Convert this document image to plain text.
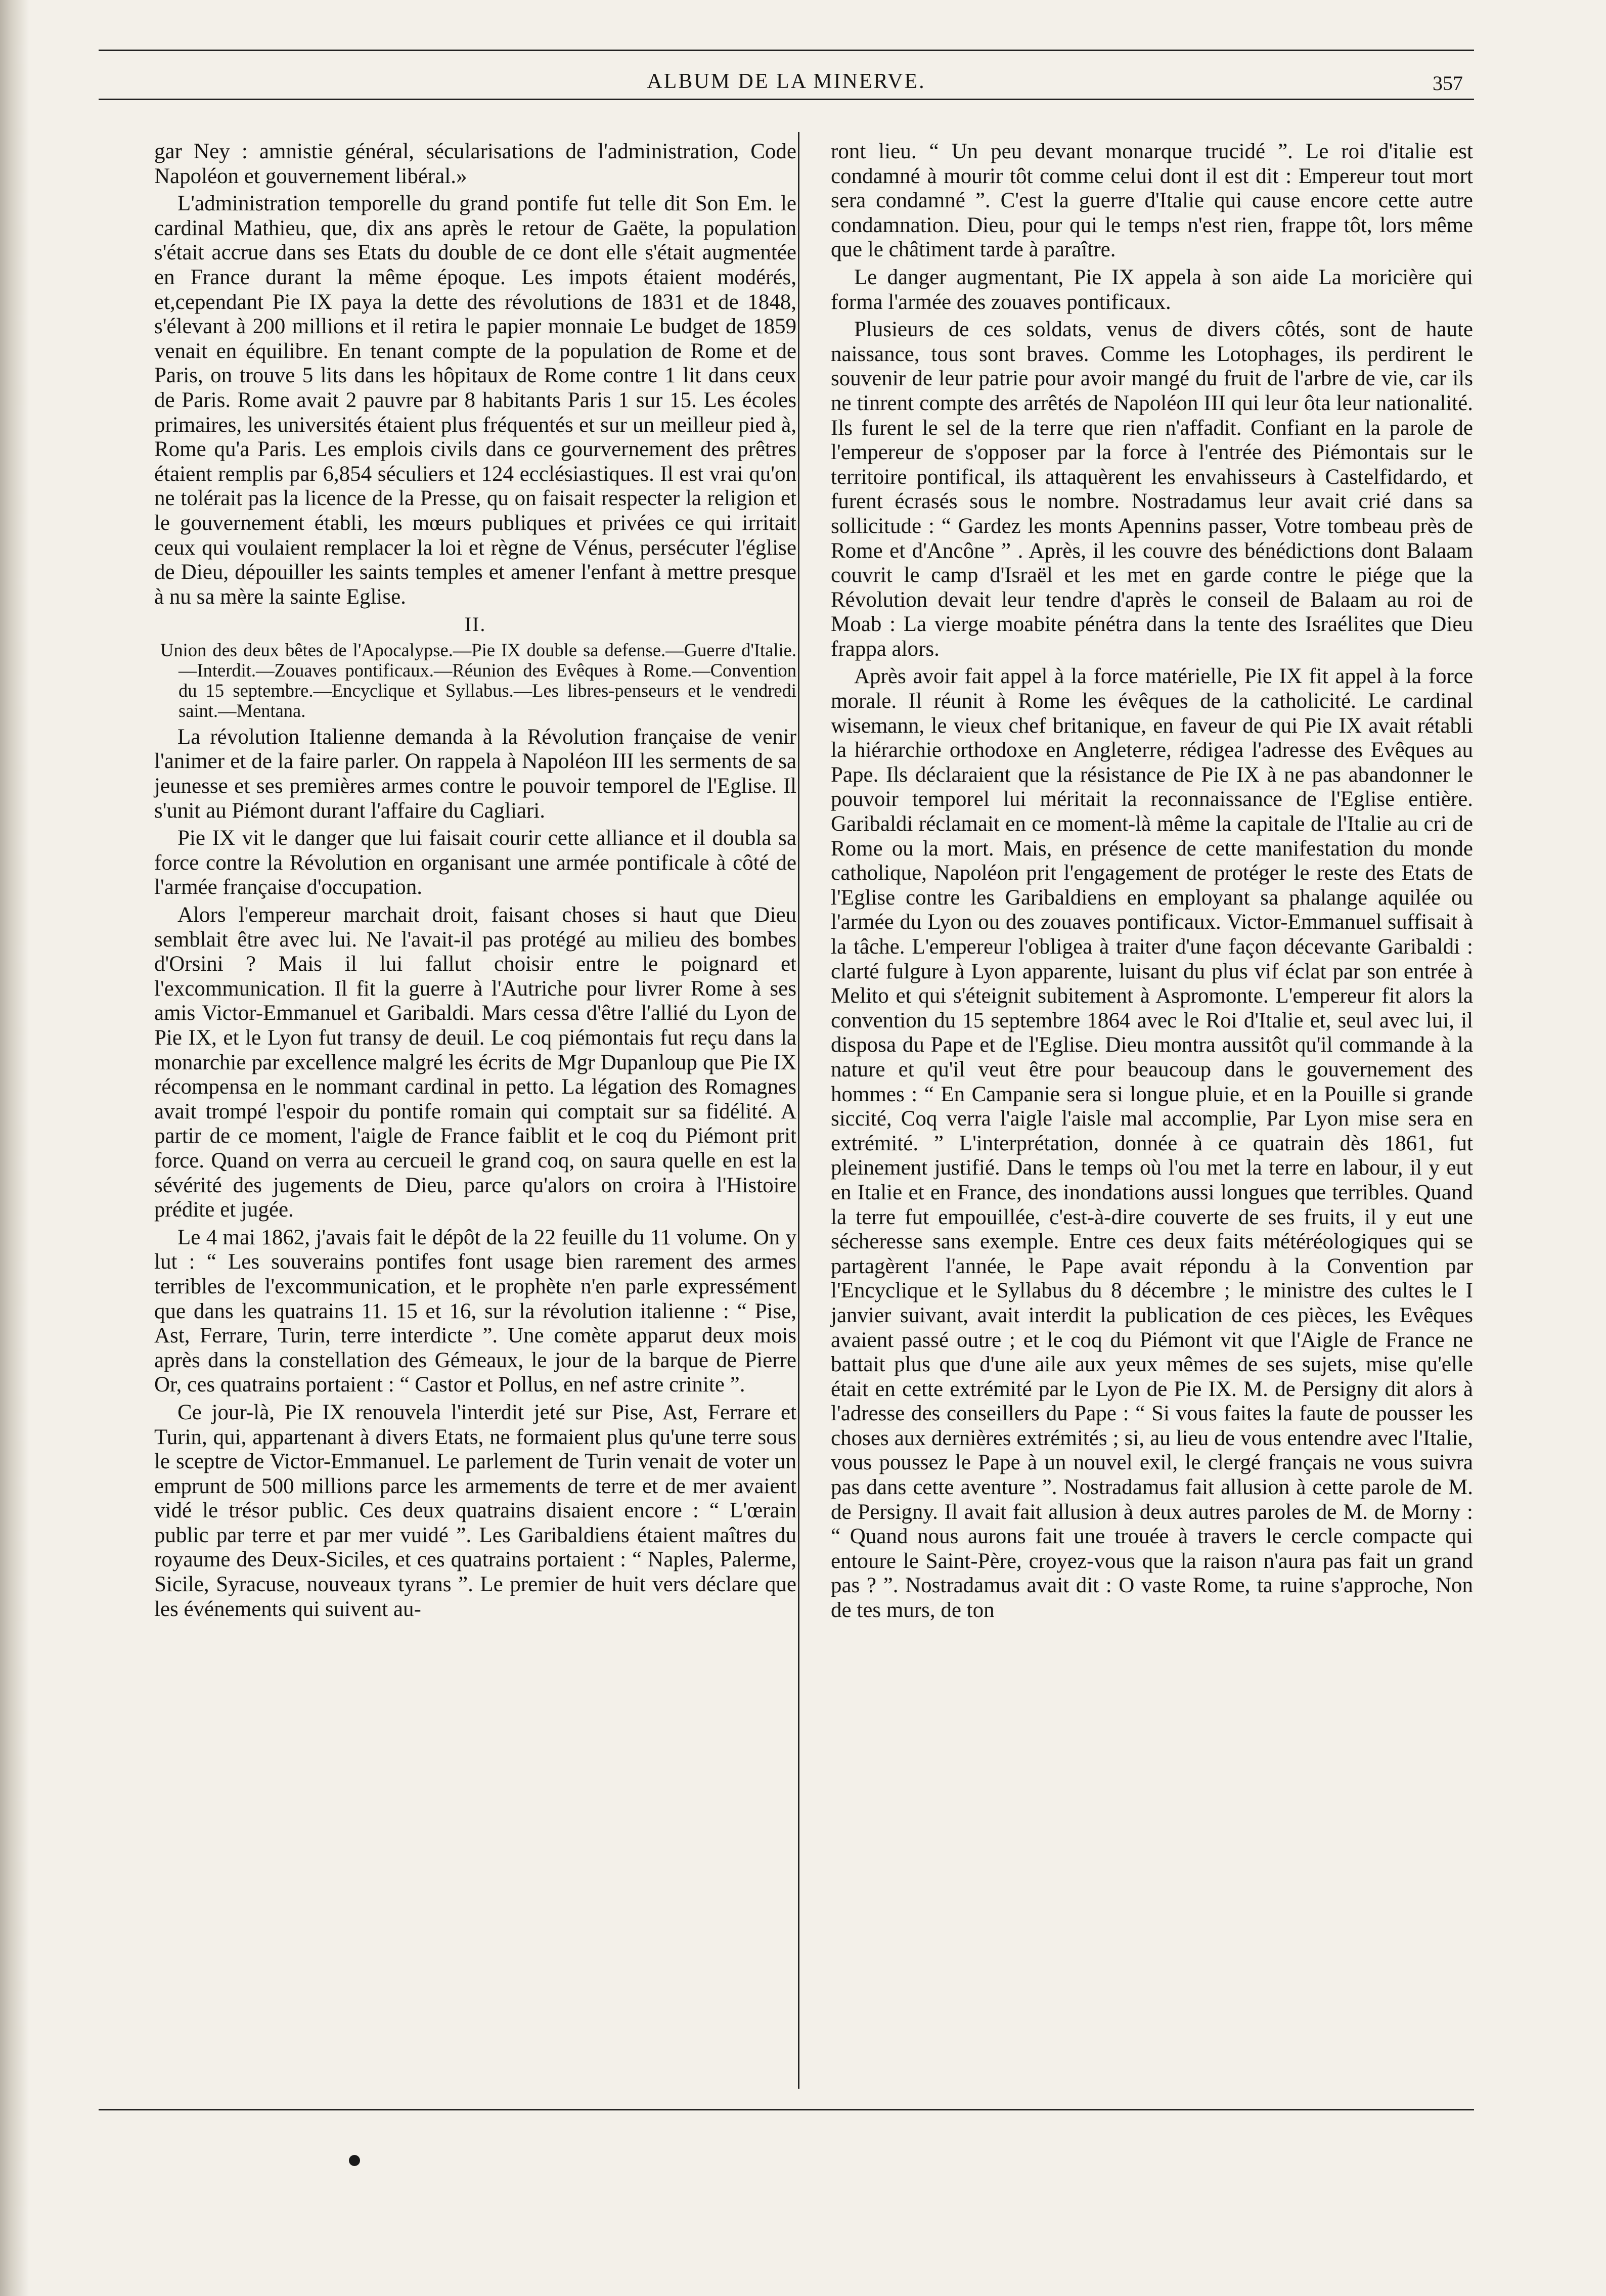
ALBUM DE LA MINERVE.	357

gar Ney : amnistie général, sécularisations de l'administration, Code Napoléon et gouvernement libéral.»

L'administration temporelle du grand pontife fut telle dit Son Em. le cardinal Mathieu, que, dix ans après le retour de Gaëte, la population s'était accrue dans ses Etats du double de ce dont elle s'était augmentée en France durant la même époque. Les impots étaient modérés, et,cependant Pie IX paya la dette des révolutions de 1831 et de 1848, s'élevant à 200 millions et il retira le papier monnaie Le budget de 1859 venait en équilibre. En tenant compte de la population de Rome et de Paris, on trouve 5 lits dans les hôpitaux de Rome contre 1 lit dans ceux de Paris. Rome avait 2 pauvre par 8 habitants Paris 1 sur 15. Les écoles primaires, les universités étaient plus fréquentés et sur un meilleur pied à, Rome qu'a Paris. Les emplois civils dans ce gourvernement des prêtres étaient remplis par 6,854 séculiers et 124 ecclésiastiques. Il est vrai qu'on ne tolérait pas la licence de la Presse, qu on faisait respecter la religion et le gouvernement établi, les mœurs publiques et privées ce qui irritait ceux qui voulaient remplacer la loi et règne de Vénus, persécuter l'église de Dieu, dépouiller les saints temples et amener l'enfant à mettre presque à nu sa mère la sainte Eglise.

II.
Union des deux bêtes de l'Apocalypse.—Pie IX double sa defense.—Guerre d'Italie.—Interdit.—Zouaves pontificaux.—Réunion des Evêques à Rome.—Convention du 15 septembre.—Encyclique et Syllabus.—Les libres-penseurs et le vendredi saint.—Mentana.

La révolution Italienne demanda à la Révolution française de venir l'animer et de la faire parler. On rappela à Napoléon III les serments de sa jeunesse et ses premières armes contre le pouvoir temporel de l'Eglise. Il s'unit au Piémont durant l'affaire du Cagliari.

Pie IX vit le danger que lui faisait courir cette alliance et il doubla sa force contre la Révolution en organisant une armée pontificale à côté de l'armée française d'occupation.

Alors l'empereur marchait droit, faisant choses si haut que Dieu semblait être avec lui. Ne l'avait-il pas protégé au milieu des bombes d'Orsini ? Mais il lui fallut choisir entre le poignard et l'excommunication. Il fit la guerre à l'Autriche pour livrer Rome à ses amis Victor-Emmanuel et Garibaldi. Mars cessa d'être l'allié du Lyon de Pie IX, et le Lyon fut transy de deuil. Le coq piémontais fut reçu dans la monarchie par excellence malgré les écrits de Mgr Dupanloup que Pie IX récompensa en le nommant cardinal in petto. La légation des Romagnes avait trompé l'espoir du pontife romain qui comptait sur sa fidélité. A partir de ce moment, l'aigle de France faiblit et le coq du Piémont prit force. Quand on verra au cercueil le grand coq, on saura quelle en est la sévérité des jugements de Dieu, parce qu'alors on croira à l'Histoire prédite et jugée.

Le 4 mai 1862, j'avais fait le dépôt de la 22 feuille du 11 volume. On y lut : “ Les souverains pontifes font usage bien rarement des armes terribles de l'excommunication, et le prophète n'en parle expressément que dans les quatrains 11. 15 et 16, sur la révolution italienne : “ Pise, Ast, Ferrare, Turin, terre interdicte ”. Une comète apparut deux mois après dans la constellation des Gémeaux, le jour de la barque de Pierre Or, ces quatrains portaient : “ Castor et Pollus, en nef astre crinite ”.

Ce jour-là, Pie IX renouvela l'interdit jeté sur Pise, Ast, Ferrare et Turin, qui, appartenant à divers Etats, ne formaient plus qu'une terre sous le sceptre de Victor-Emmanuel. Le parlement de Turin venait de voter un emprunt de 500 millions parce les armements de terre et de mer avaient vidé le trésor public. Ces deux quatrains disaient encore : “ L'œrain public par terre et par mer vuidé ”. Les Garibaldiens étaient maîtres du royaume des Deux-Siciles, et ces quatrains portaient : “ Naples, Palerme, Sicile, Syracuse, nouveaux tyrans ”. Le premier de huit vers déclare que les événements qui suivent au-

ront lieu. “ Un peu devant monarque trucidé ”. Le roi d'italie est condamné à mourir tôt comme celui dont il est dit : Empereur tout mort sera condamné ”. C'est la guerre d'Italie qui cause encore cette autre condamnation. Dieu, pour qui le temps n'est rien, frappe tôt, lors même que le châtiment tarde à paraître.

Le danger augmentant, Pie IX appela à son aide La moricière qui forma l'armée des zouaves pontificaux.

Plusieurs de ces soldats, venus de divers côtés, sont de haute naissance, tous sont braves. Comme les Lotophages, ils perdirent le souvenir de leur patrie pour avoir mangé du fruit de l'arbre de vie, car ils ne tinrent compte des arrêtés de Napoléon III qui leur ôta leur nationalité. Ils furent le sel de la terre que rien n'affadit. Confiant en la parole de l'empereur de s'opposer par la force à l'entrée des Piémontais sur le territoire pontifical, ils attaquèrent les envahisseurs à Castelfidardo, et furent écrasés sous le nombre. Nostradamus leur avait crié dans sa sollicitude : “ Gardez les monts Apennins passer, Votre tombeau près de Rome et d'Ancône ” . Après, il les couvre des bénédictions dont Balaam couvrit le camp d'Israël et les met en garde contre le piége que la Révolution devait leur tendre d'après le conseil de Balaam au roi de Moab : La vierge moabite pénétra dans la tente des Israélites que Dieu frappa alors.

Après avoir fait appel à la force matérielle, Pie IX fit appel à la force morale. Il réunit à Rome les évêques de la catholicité. Le cardinal wisemann, le vieux chef britanique, en faveur de qui Pie IX avait rétabli la hiérarchie orthodoxe en Angleterre, rédigea l'adresse des Evêques au Pape. Ils déclaraient que la résistance de Pie IX à ne pas abandonner le pouvoir temporel lui méritait la reconnaissance de l'Eglise entière. Garibaldi réclamait en ce moment-là même la capitale de l'Italie au cri de Rome ou la mort. Mais, en présence de cette manifestation du monde catholique, Napoléon prit l'engagement de protéger le reste des Etats de l'Eglise contre les Garibaldiens en employant sa phalange aquilée ou l'armée du Lyon ou des zouaves pontificaux. Victor-Emmanuel suffisait à la tâche. L'empereur l'obligea à traiter d'une façon décevante Garibaldi : clarté fulgure à Lyon apparente, luisant du plus vif éclat par son entrée à Melito et qui s'éteignit subitement à Aspromonte. L'empereur fit alors la convention du 15 septembre 1864 avec le Roi d'Italie et, seul avec lui, il disposa du Pape et de l'Eglise. Dieu montra aussitôt qu'il commande à la nature et qu'il veut être pour beaucoup dans le gouvernement des hommes : “ En Campanie sera si longue pluie, et en la Pouille si grande siccité, Coq verra l'aigle l'aisle mal accomplie, Par Lyon mise sera en extrémité. ” L'interprétation, donnée à ce quatrain dès 1861, fut pleinement justifié. Dans le temps où l'ou met la terre en labour, il y eut en Italie et en France, des inondations aussi longues que terribles. Quand la terre fut empouillée, c'est-à-dire couverte de ses fruits, il y eut une sécheresse sans exemple. Entre ces deux faits météréologiques qui se partagèrent l'année, le Pape avait répondu à la Convention par l'Encyclique et le Syllabus du 8 décembre ; le ministre des cultes le I janvier suivant, avait interdit la publication de ces pièces, les Evêques avaient passé outre ; et le coq du Piémont vit que l'Aigle de France ne battait plus que d'une aile aux yeux mêmes de ses sujets, mise qu'elle était en cette extrémité par le Lyon de Pie IX. M. de Persigny dit alors à l'adresse des conseillers du Pape : “ Si vous faites la faute de pousser les choses aux dernières extrémités ; si, au lieu de vous entendre avec l'Italie, vous poussez le Pape à un nouvel exil, le clergé français ne vous suivra pas dans cette aventure ”. Nostradamus fait allusion à cette parole de M. de Persigny. Il avait fait allusion à deux autres paroles de M. de Morny : “ Quand nous aurons fait une trouée à travers le cercle compacte qui entoure le Saint-Père, croyez-vous que la raison n'aura pas fait un grand pas ? ”. Nostradamus avait dit : O vaste Rome, ta ruine s'approche, Non de tes murs, de ton
